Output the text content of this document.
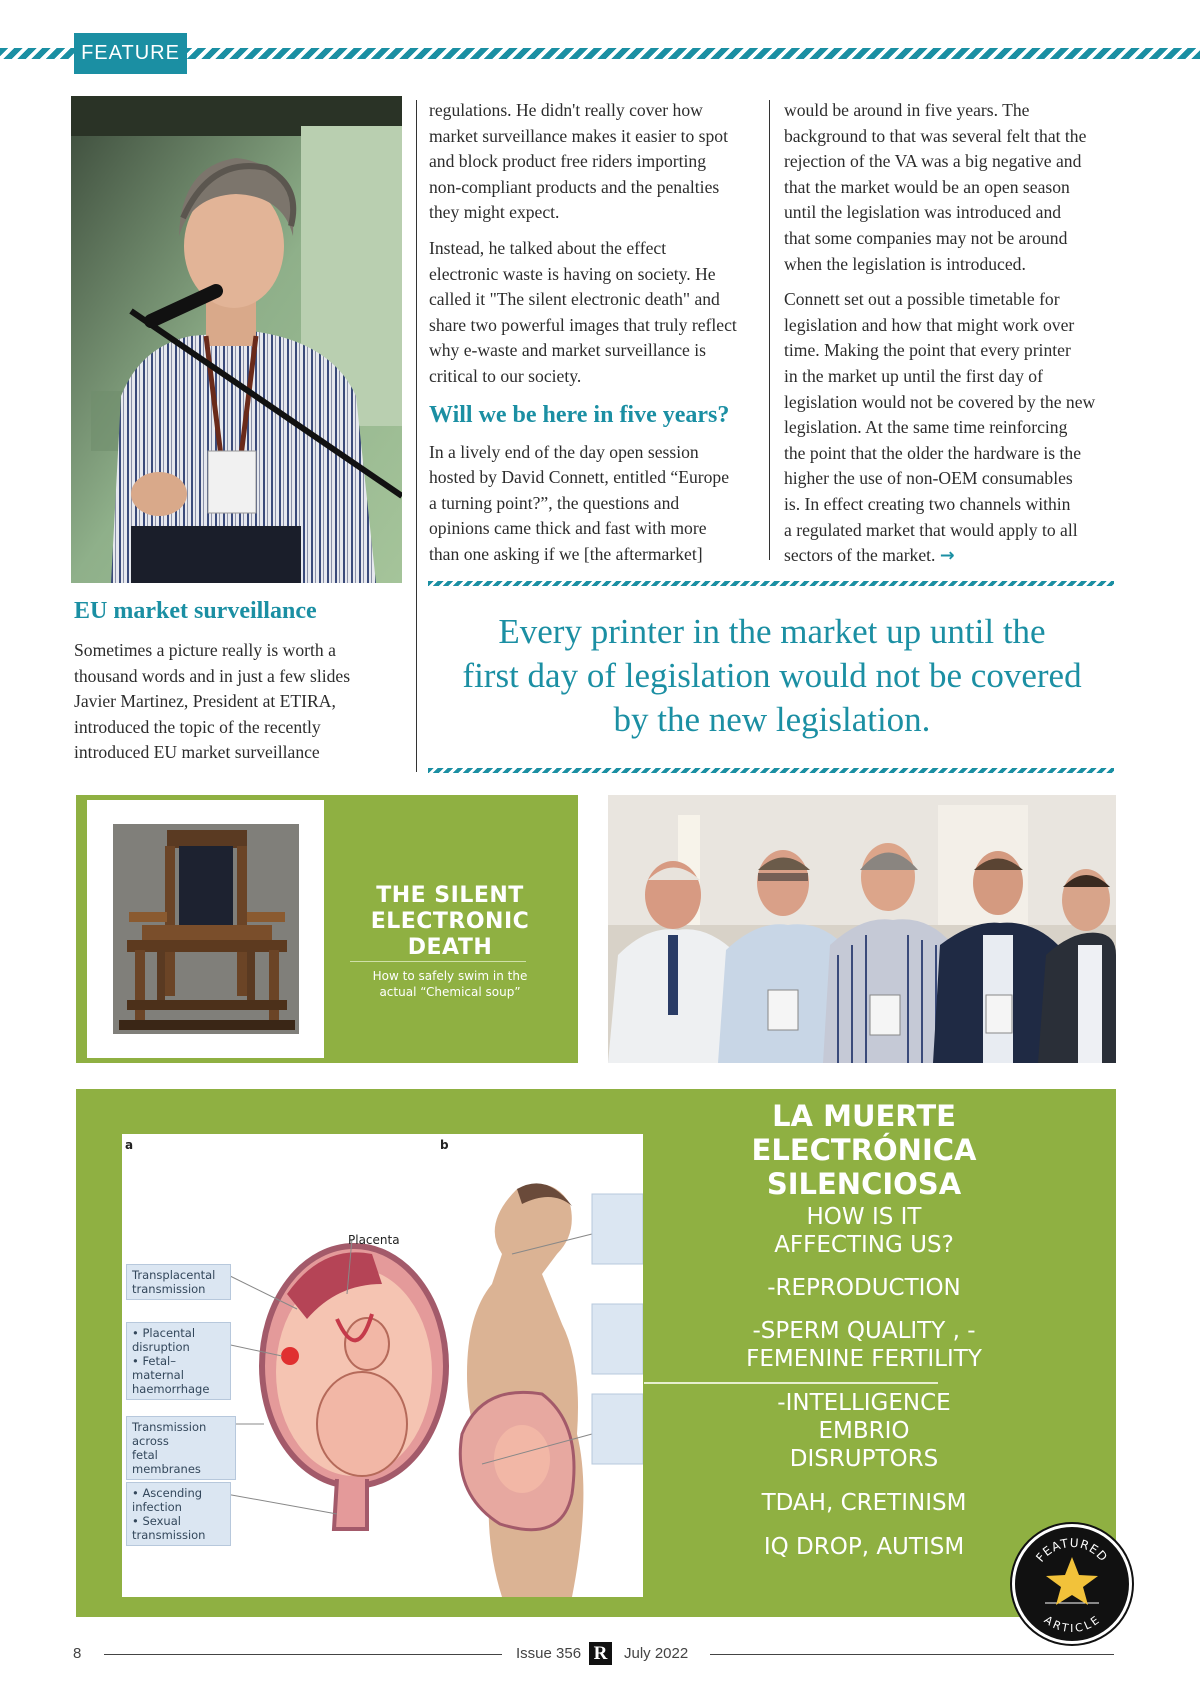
FEATURE
EU market surveillance
Sometimes a picture really is worth a
thousand words and in just a few slides
Javier Martinez, President at ETIRA,
introduced the topic of the recently
introduced EU market surveillance

regulations. He didn't really cover how
market surveillance makes it easier to spot
and block product free riders importing
non-compliant products and the penalties
they might expect.

Instead, he talked about the effect
electronic waste is having on society. He
called it "The silent electronic death" and
share two powerful images that truly reflect
why e-waste and market surveillance is
critical to our society.

Will we be here in five years?

In a lively end of the day open session
hosted by David Connett, entitled “Europe
a turning point?”, the questions and
opinions came thick and fast with more
than one asking if we [the aftermarket]

would be around in five years. The
background to that was several felt that the
rejection of the VA was a big negative and
that the market would be an open season
until the legislation was introduced and
that some companies may not be around
when the legislation is introduced.

Connett set out a possible timetable for
legislation and how that might work over
time. Making the point that every printer
in the market up until the first day of
legislation would not be covered by the new
legislation. At the same time reinforcing
the point that the older the hardware is the
higher the use of non-OEM consumables
is. In effect creating two channels within
a regulated market that would apply to all
sectors of the market. →

Every printer in the market up until the
first day of legislation would not be covered
by the new legislation.
THE SILENT
ELECTRONIC
DEATH
How to safely swim in the
actual “Chemical soup”
a	b
Placenta
Transplacental
transmission
• Placental
disruption
• Fetal–maternal
haemorrhage
Transmission across
fetal membranes
• Ascending
infection
• Sexual
transmission
LA MUERTE
ELECTRÓNICA
SILENCIOSA
HOW IS IT
AFFECTING US?
-REPRODUCTION
-SPERM QUALITY , -
FEMENINE FERTILITY
-INTELLIGENCE
EMBRIO
DISRUPTORS
TDAH, CRETINISM
IQ DROP, AUTISM	FEATURED
ARTICLE
8	Issue 356 R	July 2022
